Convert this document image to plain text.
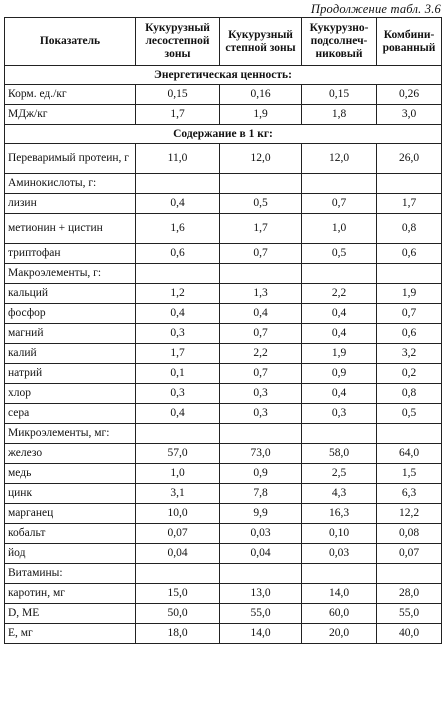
Продолжение табл. 3.6
Показатель	Кукурузный лесостепной зоны	Кукурузный степной зоны	Кукурузно-подсолнеч-никовый	Комбини-рованный
Энергетическая ценность:				
Корм. ед./кг	0,15	0,16	0,15	0,26
МДж/кг	1,7	1,9	1,8	3,0
Содержание в 1 кг:				
Переваримый протеин, г	11,0	12,0	12,0	26,0
Аминокислоты, г:				
лизин	0,4	0,5	0,7	1,7
метионин + цистин	1,6	1,7	1,0	0,8
триптофан	0,6	0,7	0,5	0,6
Макроэлементы, г:				
кальций	1,2	1,3	2,2	1,9
фосфор	0,4	0,4	0,4	0,7
магний	0,3	0,7	0,4	0,6
калий	1,7	2,2	1,9	3,2
натрий	0,1	0,7	0,9	0,2
хлор	0,3	0,3	0,4	0,8
сера	0,4	0,3	0,3	0,5
Микроэлементы, мг:				
железо	57,0	73,0	58,0	64,0
медь	1,0	0,9	2,5	1,5
цинк	3,1	7,8	4,3	6,3
марганец	10,0	9,9	16,3	12,2
кобальт	0,07	0,03	0,10	0,08
йод	0,04	0,04	0,03	0,07
Витамины:				
каротин, мг	15,0	13,0	14,0	28,0
D, МЕ	50,0	55,0	60,0	55,0
Е, мг	18,0	14,0	20,0	40,0
